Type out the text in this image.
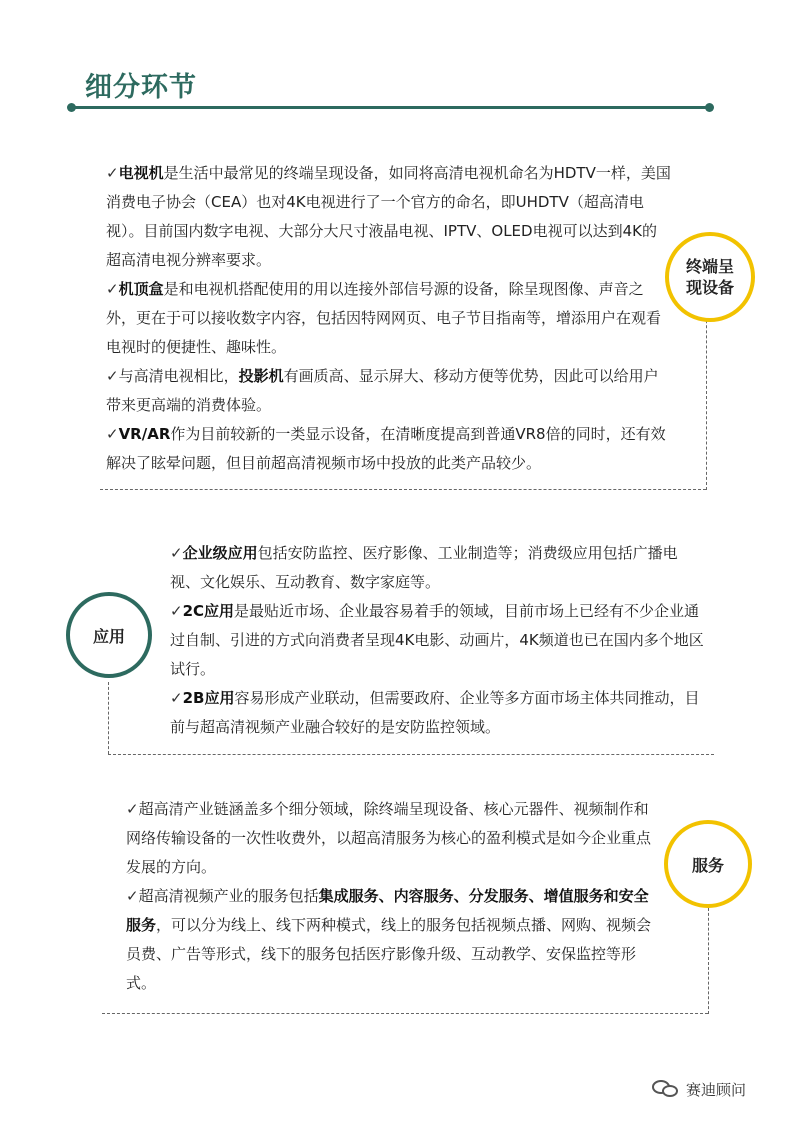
细分环节

✓电视机是生活中最常见的终端呈现设备，如同将高清电视机命名为HDTV一样，美国消费电子协会（CEA）也对4K电视进行了一个官方的命名，即UHDTV（超高清电视）。目前国内数字电视、大部分大尺寸液晶电视、IPTV、OLED电视可以达到4K的超高清电视分辨率要求。

✓机顶盒是和电视机搭配使用的用以连接外部信号源的设备，除呈现图像、声音之外，更在于可以接收数字内容，包括因特网网页、电子节目指南等，增添用户在观看电视时的便捷性、趣味性。

✓与高清电视相比，投影机有画质高、显示屏大、移动方便等优势，因此可以给用户带来更高端的消费体验。

✓VR/AR作为目前较新的一类显示设备，在清晰度提高到普通VR8倍的同时，还有效解决了眩晕问题，但目前超高清视频市场中投放的此类产品较少。

终端呈
现设备

✓企业级应用包括安防监控、医疗影像、工业制造等；消费级应用包括广播电视、文化娱乐、互动教育、数字家庭等。

✓2C应用是最贴近市场、企业最容易着手的领域，目前市场上已经有不少企业通过自制、引进的方式向消费者呈现4K电影、动画片，4K频道也已在国内多个地区试行。

✓2B应用容易形成产业联动，但需要政府、企业等多方面市场主体共同推动，目前与超高清视频产业融合较好的是安防监控领域。

应用

✓超高清产业链涵盖多个细分领域，除终端呈现设备、核心元器件、视频制作和网络传输设备的一次性收费外，以超高清服务为核心的盈利模式是如今企业重点发展的方向。

✓超高清视频产业的服务包括集成服务、内容服务、分发服务、增值服务和安全服务，可以分为线上、线下两种模式，线上的服务包括视频点播、网购、视频会员费、广告等形式，线下的服务包括医疗影像升级、互动教学、安保监控等形式。

服务
赛迪顾问
